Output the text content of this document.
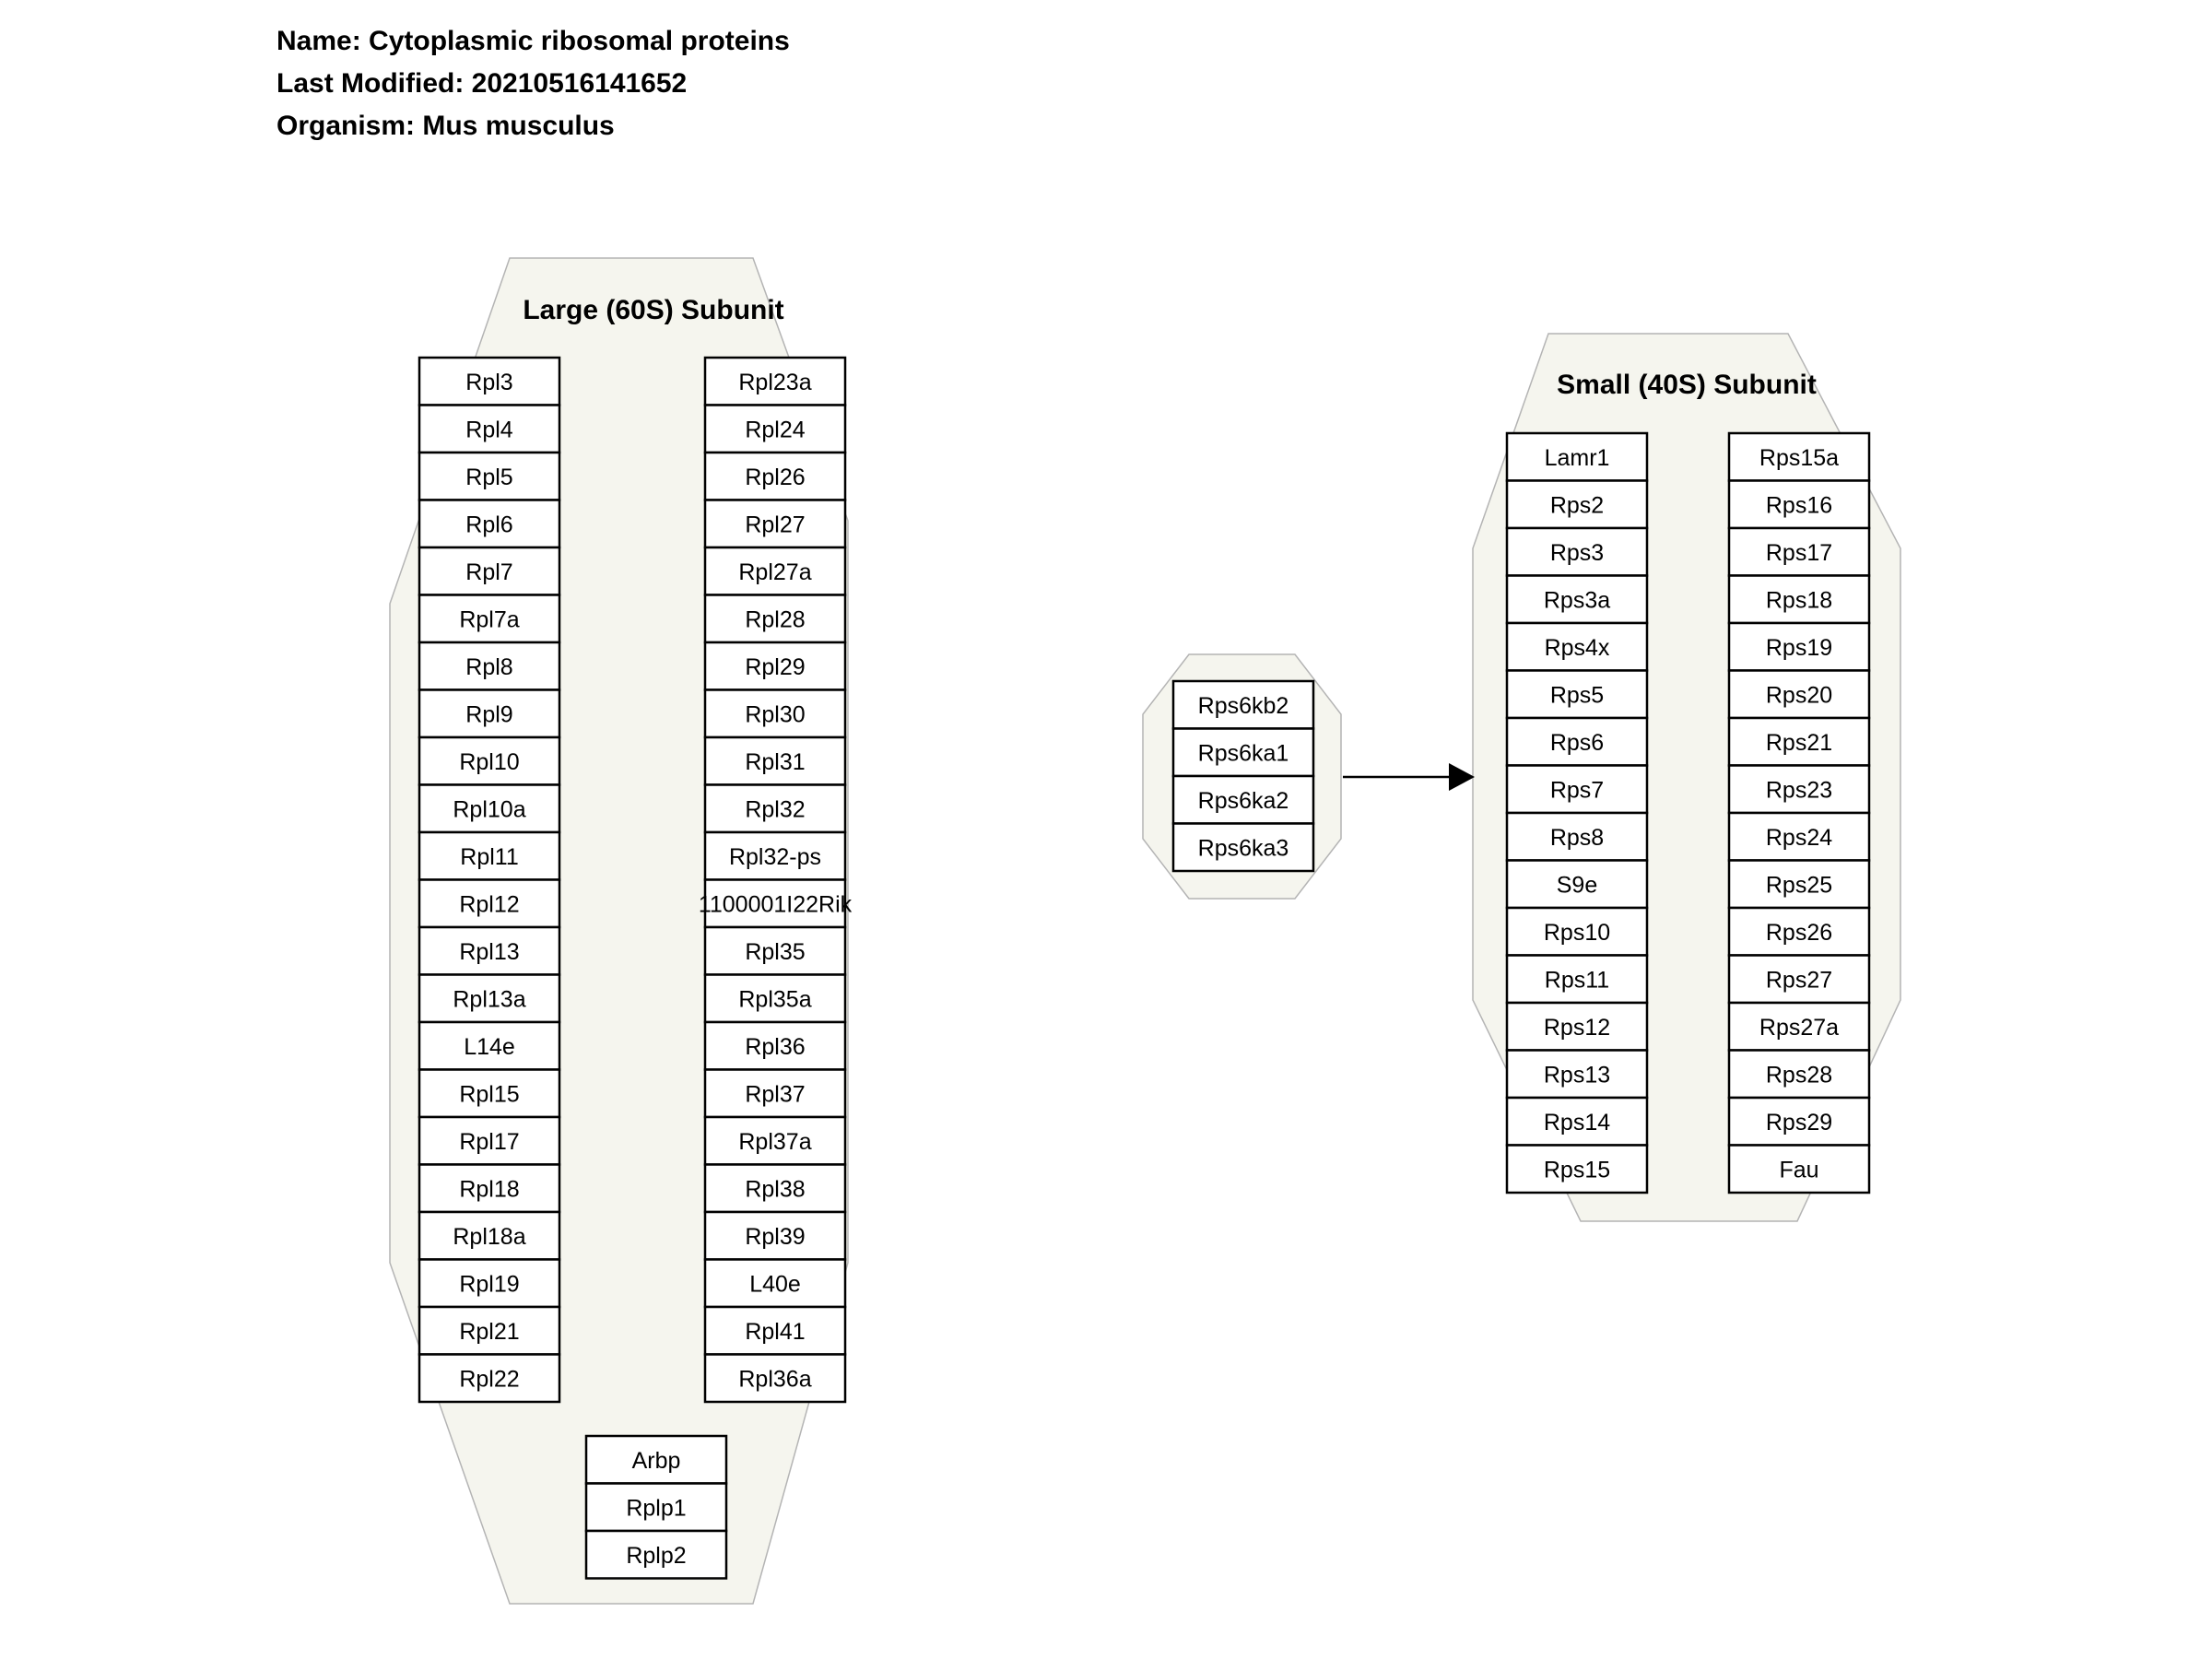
Name: Cytoplasmic ribosomal proteins
Last Modified: 20210516141652
Organism: Mus musculus
Large (60S) Subunit
Small (40S) Subunit
Rpl3
Rpl4
Rpl5
Rpl6
Rpl7
Rpl7a
Rpl8
Rpl9
Rpl10
Rpl10a
Rpl11
Rpl12
Rpl13
Rpl13a
L14e
Rpl15
Rpl17
Rpl18
Rpl18a
Rpl19
Rpl21
Rpl22
Rpl23a
Rpl24
Rpl26
Rpl27
Rpl27a
Rpl28
Rpl29
Rpl30
Rpl31
Rpl32
Rpl32-ps
1100001I22Rik
Rpl35
Rpl35a
Rpl36
Rpl37
Rpl37a
Rpl38
Rpl39
L40e
Rpl41
Rpl36a
Arbp
Rplp1
Rplp2
Lamr1
Rps2
Rps3
Rps3a
Rps4x
Rps5
Rps6
Rps7
Rps8
S9e
Rps10
Rps11
Rps12
Rps13
Rps14
Rps15
Rps15a
Rps16
Rps17
Rps18
Rps19
Rps20
Rps21
Rps23
Rps24
Rps25
Rps26
Rps27
Rps27a
Rps28
Rps29
Fau
Rps6kb2
Rps6ka1
Rps6ka2
Rps6ka3
